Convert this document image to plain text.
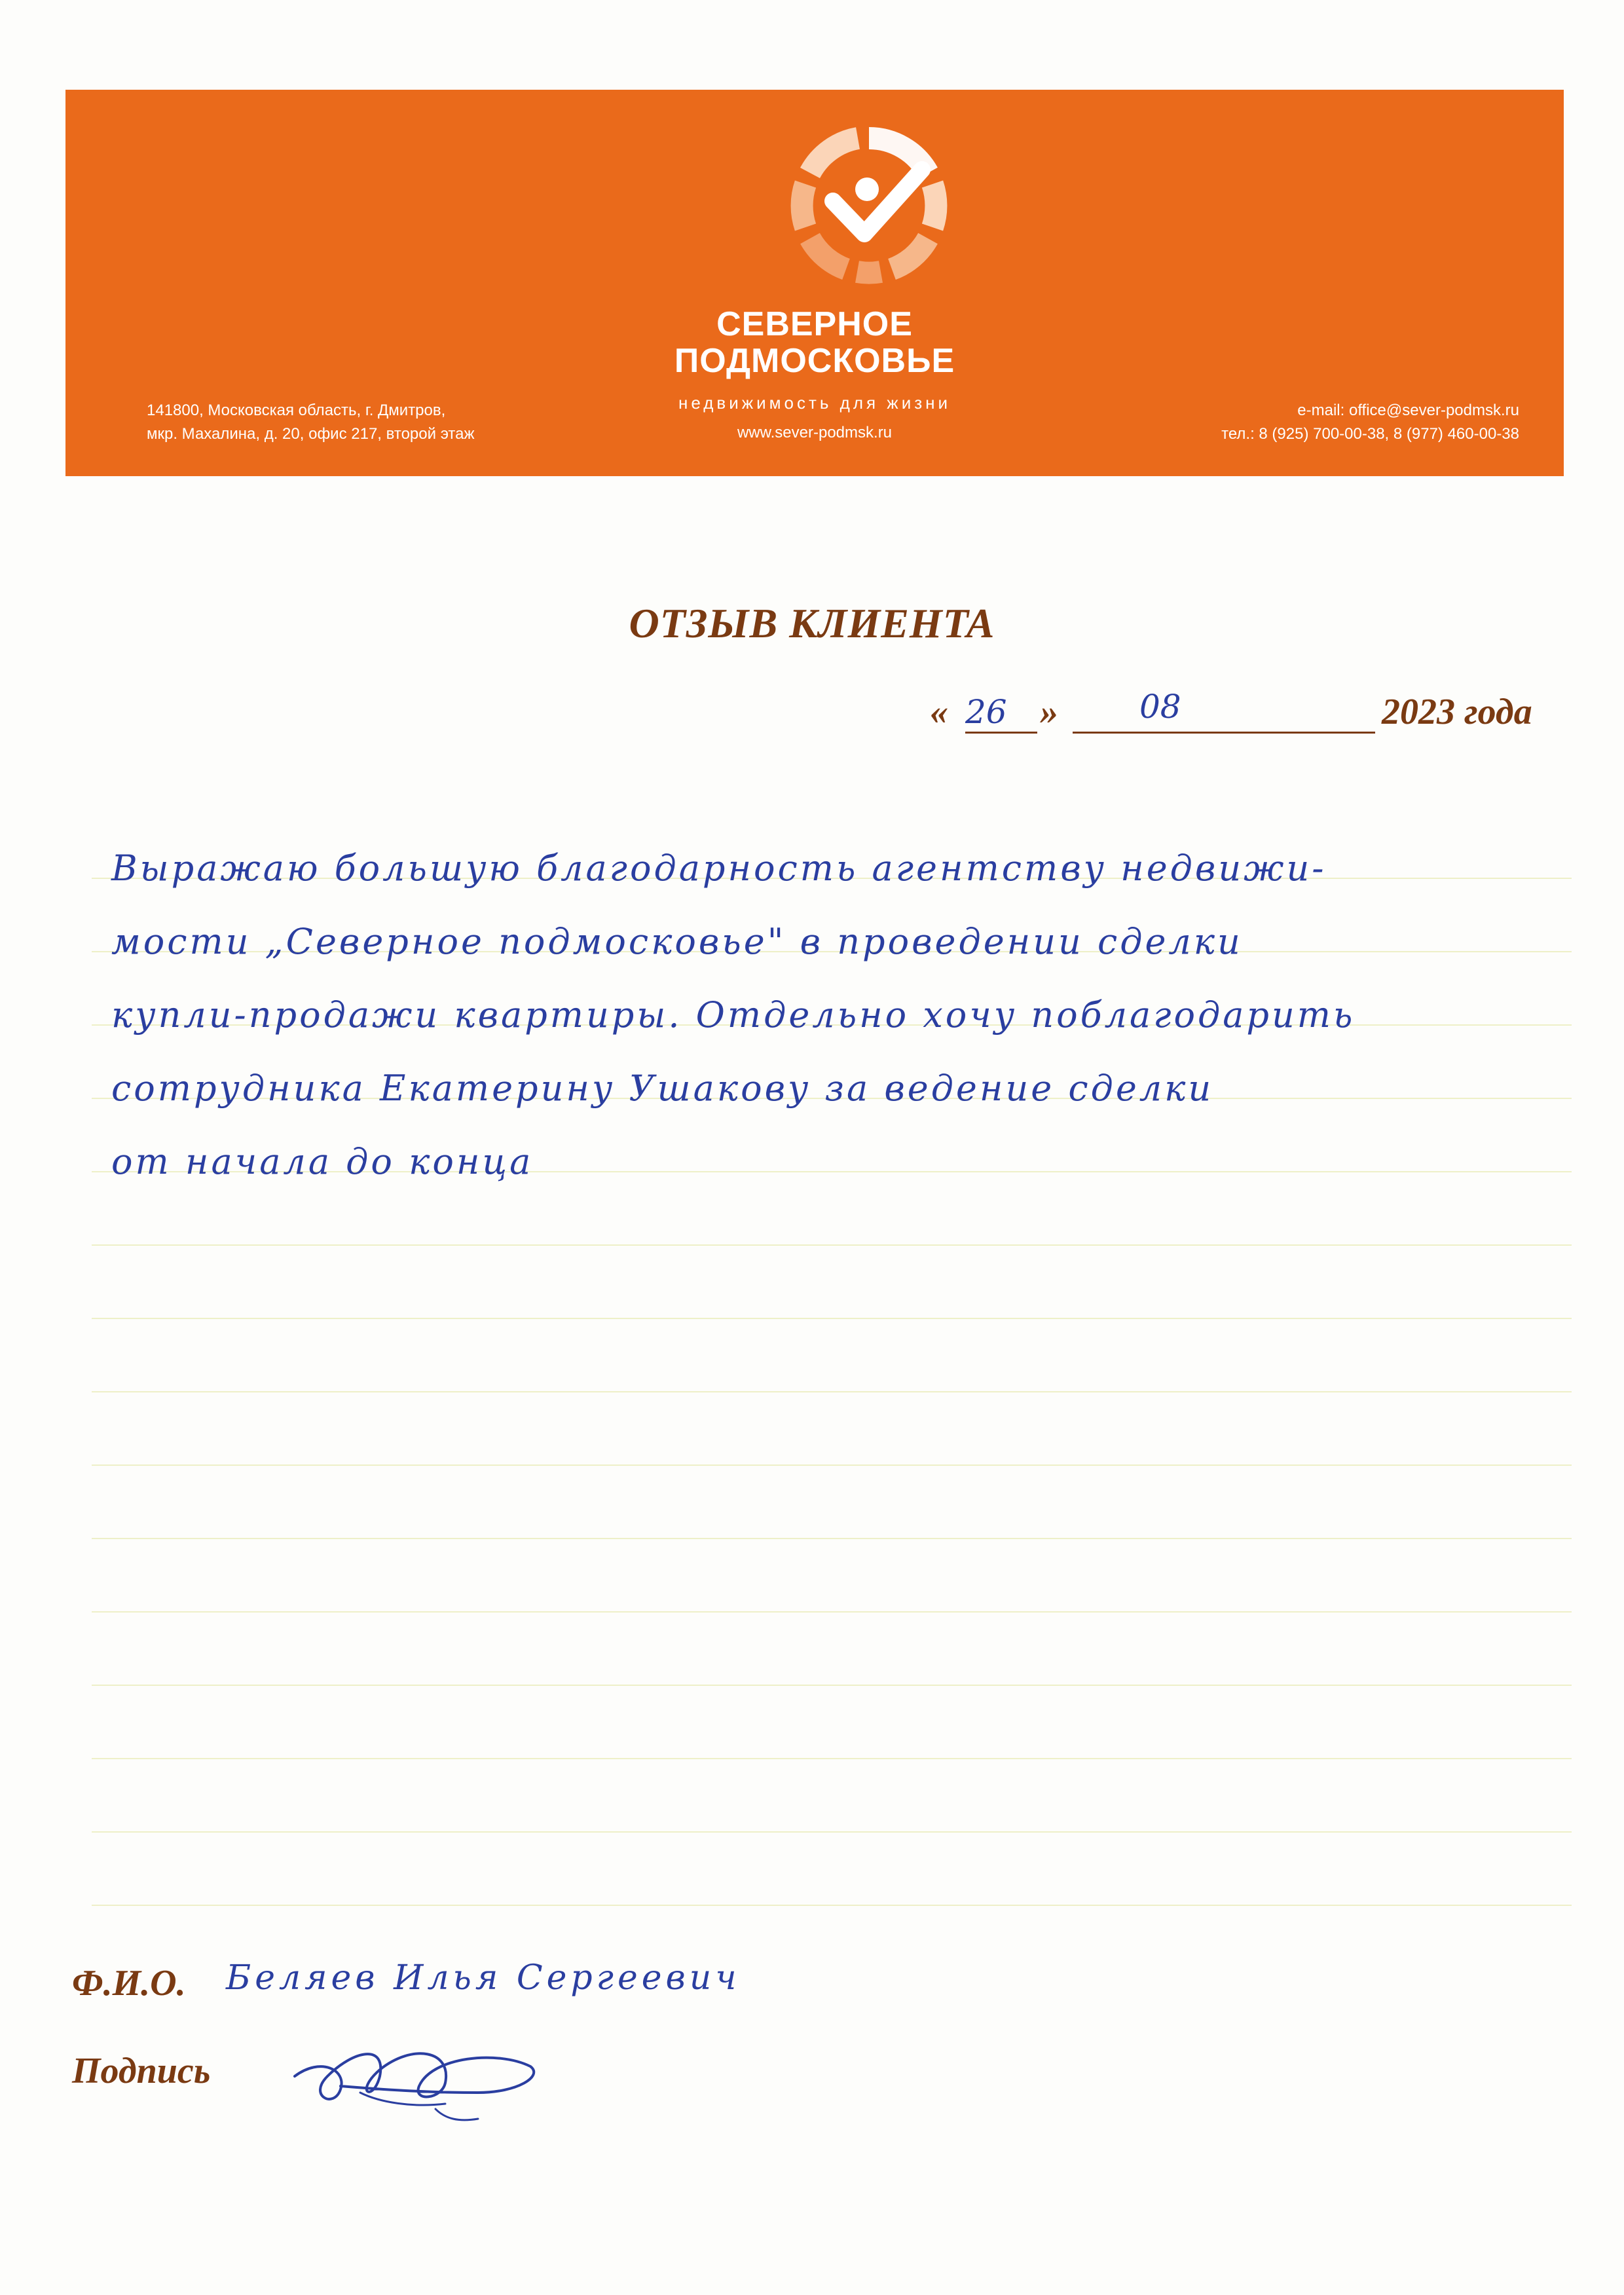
СЕВЕРНОЕ
ПОДМОСКОВЬЕ
недвижимость для жизни
www.sever-podmsk.ru
141800, Московская область, г. Дмитров,
мкр. Махалина, д. 20, офис 217, второй этаж
e-mail: office@sever-podmsk.ru
тел.: 8 (925) 700-00-38, 8 (977) 460-00-38
ОТЗЫВ КЛИЕНТА
«	»	2023 года
26	08
Выражаю большую благодарность агентству недвижи-
мости „Северное подмосковье" в проведении сделки
купли-продажи квартиры. Отдельно хочу поблагодарить
сотрудника Екатерину Ушакову за ведение сделки
от начала до конца
Ф.И.О. Беляев Илья Сергеевич
Подпись
